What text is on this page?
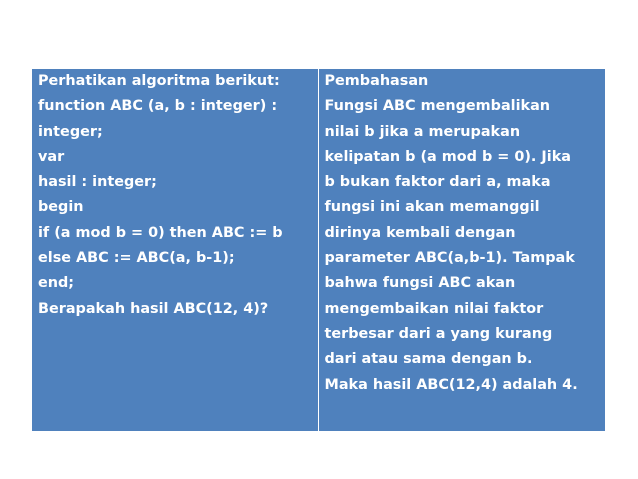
Perhatikan algoritma berikut:
function ABC (a, b : integer) :
integer;
var
hasil : integer;
begin
if (a mod b = 0) then ABC := b
else ABC := ABC(a, b-1);
end;
Berapakah hasil ABC(12, 4)?
Pembahasan
Fungsi ABC mengembalikan
nilai b jika a merupakan
kelipatan b (a mod b = 0). Jika
b bukan faktor dari a, maka
fungsi ini akan memanggil
dirinya kembali dengan
parameter ABC(a,b-1). Tampak
bahwa fungsi ABC akan
mengembaikan nilai faktor
terbesar dari a yang kurang
dari atau sama dengan b.
Maka hasil ABC(12,4) adalah 4.
